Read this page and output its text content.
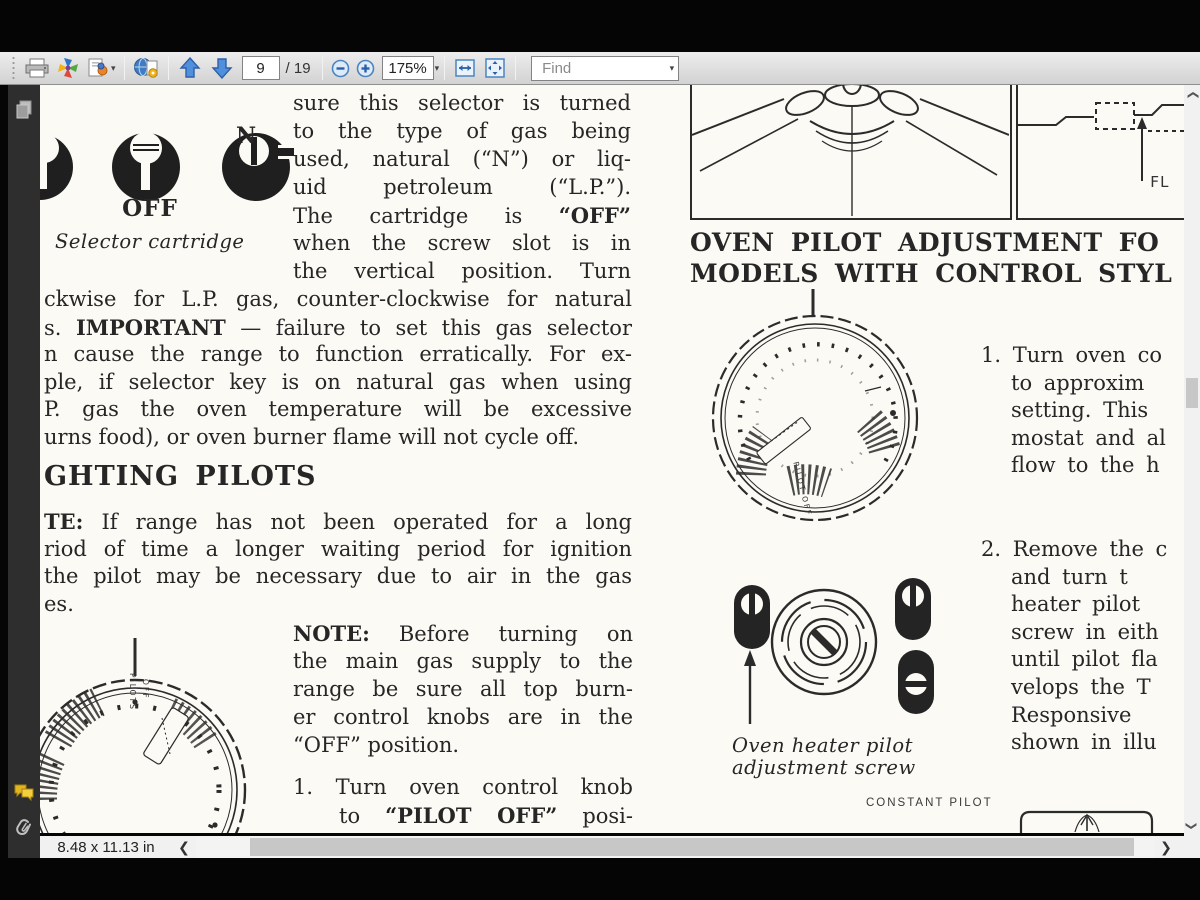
▾
9	/ 19	175% ▾
Find	▾
N
OFF
Selector cartridge
sure this selector is turned
to the type of gas being
used, natural (“N”) or liq-
uid petroleum (“L.P.”).
The cartridge is “OFF”
when the screw slot is in
the vertical position. Turn
ckwise for L.P. gas, counter-clockwise for natural
s. IMPORTANT — failure to set this gas selector
n cause the range to function erratically. For ex-
ple, if selector key is on natural gas when using
P. gas the oven temperature will be excessive
urns food), or oven burner flame will not cycle off.
GHTING PILOTS
TE: If range has not been operated for a long
riod of time a longer waiting period for ignition
the pilot may be necessary due to air in the gas
es.
PILOTS OFF
NOTE: Before turning on
the main gas supply to the
range be sure all top burn-
er control knobs are in the
“OFF” position.
1. Turn oven control knob
to “PILOT OFF” posi-
FL
OVEN PILOT ADJUSTMENT FO
MODELS WITH CONTROL STYL
PILOT OFF
1. Turn oven co
to approxim
setting. This
mostat and al
flow to the h
2. Remove the c
and turn t
heater pilot
screw in eith
until pilot fla
velops the T
Responsive
shown in illu
Oven heater pilot
adjustment screw
CONSTANT PILOT
❯
❯
8.48 x 11.13 in	❮	❯
